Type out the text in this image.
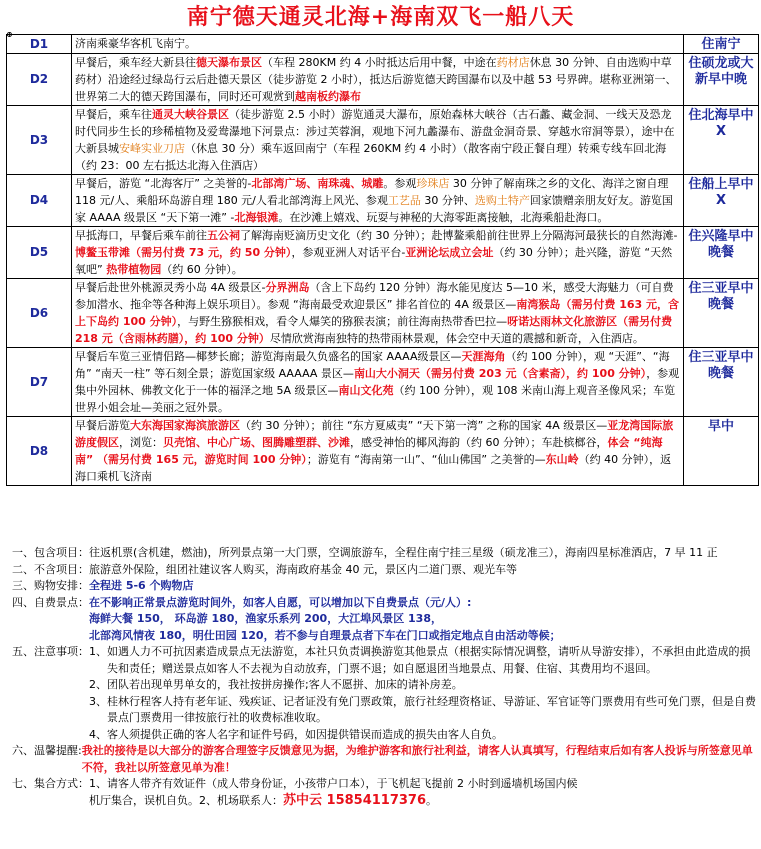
南宁德天通灵北海+海南双飞一船八天
⊕
D1	济南乘豪华客机飞南宁。	住南宁
D2	早餐后，乘车经大新县往德天瀑布景区（车程 280KM 约 4 小时抵达后用中餐，中途在药材店休息 30 分钟、自由选购中草药材）沿途经过绿岛行云后赴德天景区（徒步游览 2 小时），抵达后游览德天跨国瀑布以及中越 53 号界碑。堪称亚洲第一、世界第二大的德天跨国瀑布，同时还可观赏到越南板约瀑布	住硕龙或大新早中晚
D3	早餐后，乘车往通灵大峡谷景区（徒步游览 2.5 小时）游览通灵大瀑布，原始森林大峡谷（古石蠡、藏金洞、一线天及恐龙时代同步生长的珍稀植物及爱鸯瀑地下河景点：涉过芙蓉涧，观地下河九蠡瀑布、游盘金洞奇景、穿越水帘洞等景），途中在大新县城安峰实业刀店（休息 30 分）乘车返回南宁（车程 260KM 约 4 小时）（散客南宁段正餐自理）转乘专线车回北海（约 23：00 左右抵达北海入住酒店）	住北海早中 X
D4	早餐后，游览 “北海客厅” 之美誉的-北部湾广场、南珠魂、城雕。参观珍珠店 30 分钟了解南珠之乡的文化、海洋之窗自理 118 元/人、乘船环岛游自理 180 元/人看北部湾海上风光、参观工艺品 30 分钟、选购土特产回家馈赠亲朋友好友。游览国家 AAAA 级景区 “天下第一滩” -北海银滩。在沙滩上嬉戏、玩耍与神秘的大海零距离接触，北海乘船赴海口。	住船上早中 X
D5	早抵海口，早餐后乘车前往五公祠了解海南贬滴历史文化（约 30 分钟）；赴博鳌乘船前往世界上分隔海河最狭长的自然海滩-博鳌玉带滩（需另付费 73 元，约 50 分钟），参观亚洲人对话平台-亚洲论坛成立会址（约 30 分钟）；赴兴隆，游览 “天然氧吧” 热带植物园（约 60 分钟）。	住兴隆早中晚餐
D6	早餐后赴世外桃源灵秀小岛 4A 级景区-分界洲岛（含上下岛约 120 分钟）海水能见度达 5—10 米，感受大海魅力（可自费参加潜水、拖伞等各种海上娱乐项目）。参观 “海南最受欢迎景区” 排名首位的 4A 级景区—南湾猴岛（需另付费 163 元，含上下岛约 100 分钟），与野生猕猴相戏，看令人爆笑的猕猴表演；前往海南热带香巴拉—呀诺达雨林文化旅游区（需另付费 218 元（含雨林药膳），约 100 分钟）尽情欣赏海南独特的热带雨林景观，体会空中天道的震撼和新奇，入住酒店。	住三亚早中晚餐
D7	早餐后车览三亚情侣路—椰梦长廊；游览海南最久负盛名的国家 AAAA级景区—天涯海角（约 100 分钟），观 “天涯”、“海角” “南天一柱” 等石刻全景；游览国家级 AAAAA 景区—南山大小洞天（需另付费 203 元（含素斋），约 100 分钟），参观集中外园林、佛教文化于一体的福泽之地 5A 级景区—南山文化苑（约 100 分钟），观 108 米南山海上观音圣像风采；车览世界小姐会址—美丽之冠外景。	住三亚早中晚餐
D8	早餐后游览大东海国家海滨旅游区（约 30 分钟）；前往 “东方夏威夷” “天下第一湾” 之称的国家 4A 级景区—亚龙湾国际旅游度假区，浏览：贝壳馆、中心广场、图腾雕塑群、沙滩，感受神怡的椰风海韵（约 60 分钟）；车赴槟榔谷，体会 “纯海南” （需另付费 165 元，游览时间 100 分钟）；游览有 “海南第一山”、“仙山佛国” 之美誉的—东山岭（约 40 分钟），返海口乘机飞济南	早中
一、包含项目： 往返机票(含机建，燃油)，所列景点第一大门票，空调旅游车，全程住南宁挂三星级（硕龙准三），海南四星标准酒店，7 早 11 正
二、不含项目： 旅游意外保险，组团社建议客人购买，海南政府基金 40 元，景区内二道门票、观光车等
三、购物安排： 全程进 5-6 个购物店
四、自费景点： 在不影响正常景点游览时间外，如客人自愿，可以增加以下自费景点（元/人）:
海鲜大餐 150， 环岛游 180，渔家乐系列 200，大江埠风景区 138，
北部湾风情夜 180，明仕田园 120，若不参与自理景点者下车在门口或指定地点自由活动等候；
五、注意事项： 1、 如遇人力不可抗因素造成景点无法游览，本社只负责调换游览其他景点（根据实际情况调整，请听从导游安排），不承担由此造成的损失和责任；赠送景点如客人不去视为自动放弃，门票不退；如自愿退团当地景点、用餐、住宿、其费用均不退回。
2、 团队若出现单男单女的，我社按拼房操作;客人不愿拼、加床的请补房差。
3、 桂林行程客人持有老年证、残疾证、记者证没有免门票政策，旅行社经理资格证、导游证、军官证等门票费用有些可免门票，但是自费景点门票费用一律按旅行社的收费标准收取。
4、 客人须提供正确的客人名字和证件号码，如因提供错误而造成的损失由客人自负。
六、温馨提醒: 我社的接待是以大部分的游客合理签字反馈意见为据，为维护游客和旅行社利益，请客人认真填写，行程结束后如有客人投诉与所签意见单不符，我社以所签意见单为准！
七、集合方式： 1、请客人带齐有效证件（成人带身份证，小孩带户口本），于飞机起飞提前 2 小时到遥墙机场国内候
机厅集合，误机自负。2、机场联系人：苏中云 15854117376。
